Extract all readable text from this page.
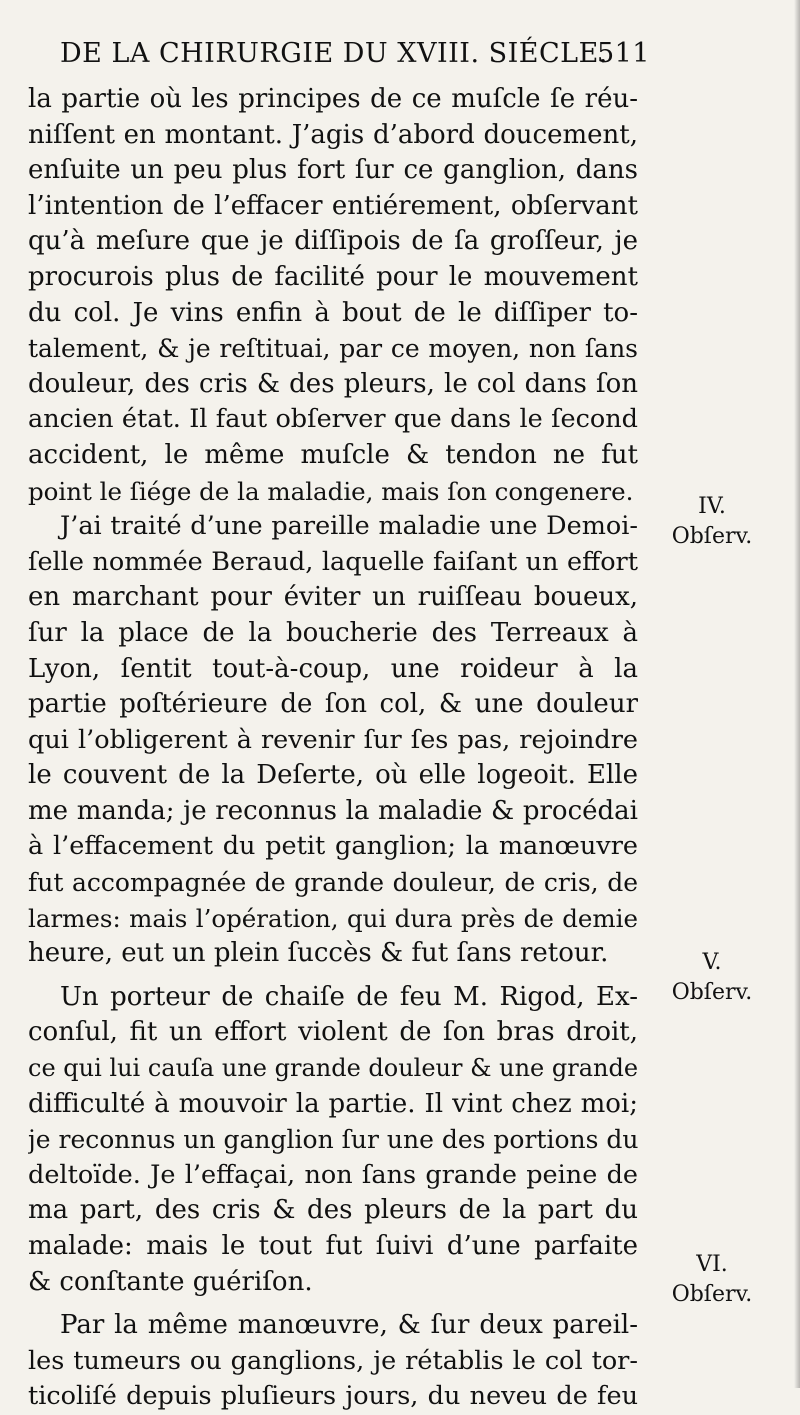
DE LA CHIRURGIE DU XVIII. SIÉCLE.
511
la partie où les principes de ce muſcle ſe réu-
niſſent en montant. J’agis d’abord doucement,
enſuite un peu plus fort ſur ce ganglion, dans
l’intention de l’effacer entiérement, obſervant
qu’à meſure que je diſſipois de ſa groſſeur, je
procurois plus de facilité pour le mouvement
du col. Je vins enfin à bout de le diſſiper to-
talement, & je reſtituai, par ce moyen, non ſans
douleur, des cris & des pleurs, le col dans ſon
ancien état. Il faut obſerver que dans le ſecond
accident, le même muſcle & tendon ne fut
point le ſiége de la maladie, mais ſon congenere.
J’ai traité d’une pareille maladie une Demoi-
ſelle nommée Beraud, laquelle faiſant un effort
en marchant pour éviter un ruiſſeau boueux,
ſur la place de la boucherie des Terreaux à
Lyon, ſentit tout-à-coup, une roideur à la
partie poſtérieure de ſon col, & une douleur
qui l’obligerent à revenir ſur ſes pas, rejoindre
le couvent de la Deſerte, où elle logeoit. Elle
me manda; je reconnus la maladie & procédai
à l’effacement du petit ganglion; la manœuvre
fut accompagnée de grande douleur, de cris, de
larmes: mais l’opération, qui dura près de demie
heure, eut un plein ſuccès & fut ſans retour.
Un porteur de chaiſe de feu M. Rigod, Ex-
conſul, fit un effort violent de ſon bras droit,
ce qui lui cauſa une grande douleur & une grande
difficulté à mouvoir la partie. Il vint chez moi;
je reconnus un ganglion ſur une des portions du
deltoïde. Je l’effaçai, non ſans grande peine de
ma part, des cris & des pleurs de la part du
malade: mais le tout fut ſuivi d’une parfaite
& conſtante guériſon.
Par la même manœuvre, & ſur deux pareil-
les tumeurs ou ganglions, je rétablis le col tor-
ticoliſé depuis pluſieurs jours, du neveu de feu
IV.
Obſerv.
V.
Obſerv.
VI.
Obſerv.
